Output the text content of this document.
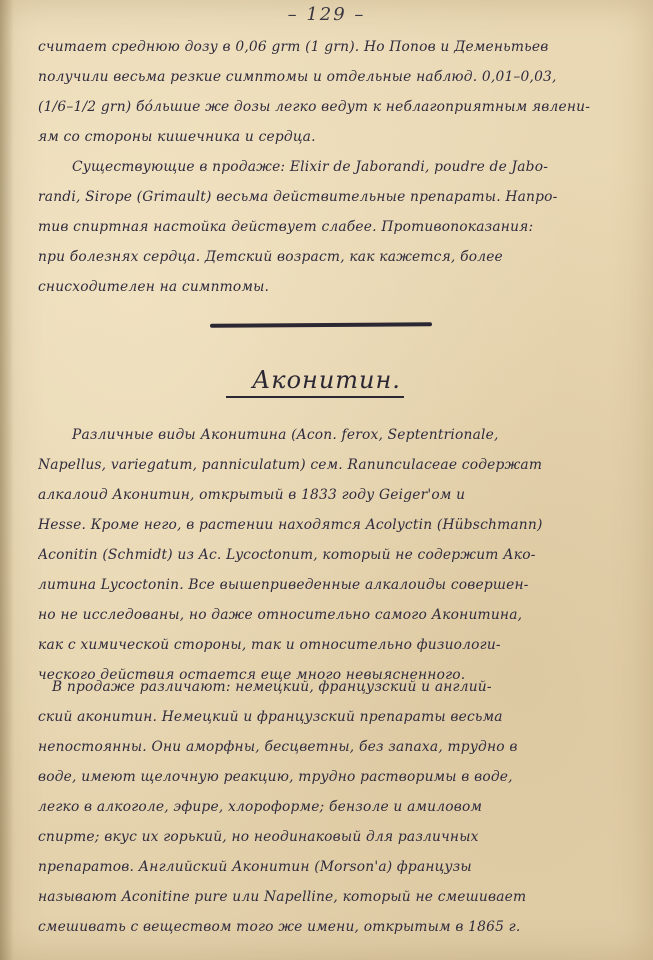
– 129 –
считает среднюю дозу в 0,06 grm (1 grn). Но Попов и Деменьтьев
получили весьма резкие симптомы и отдельные наблюд. 0,01–0,03,
(1/6–1/2 grn) бóльшие же дозы легко ведут к неблагоприятным явлени-
ям со стороны кишечника и сердца.
Существующие в продаже: Elixir de Jaborandi, poudre de Jabo-
randi, Sirope (Grimault) весьма действительные препараты. Напро-
тив спиртная настойка действует слабее. Противопоказания:
при болезнях сердца. Детский возраст, как кажется, более
снисходителен на симптомы.
Аконитин.
Различные виды Аконитина (Acon. ferox, Septentrionale,
Napellus, variegatum, panniculatum) сем. Ranunculaceae содержат
алкалоид Аконитин, открытый в 1833 году Geiger'ом и
Hesse. Кроме него, в растении находятся Acolyctin (Hübschmann)
Aconitin (Schmidt) из Ac. Lycoctonum, который не содержит Ако-
литина Lycoctonin. Все вышеприведенные алкалоиды совершен-
но не исследованы, но даже относительно самого Аконитина,
как с химической стороны, так и относительно физиологи-
ческого действия остается еще много невыясненного.
В продаже различают: немецкий, французский и англий-
ский аконитин. Немецкий и французский препараты весьма
непостоянны. Они аморфны, бесцветны, без запаха, трудно в
воде, имеют щелочную реакцию, трудно растворимы в воде,
легко в алкоголе, эфире, хлороформе; бензоле и амиловом
спирте; вкус их горький, но неодинаковый для различных
препаратов. Английский Аконитин (Morson'а) французы
называют Aconitine pure или Napelline, который не смешивает
смешивать с веществом того же имени, открытым в 1865 г.
